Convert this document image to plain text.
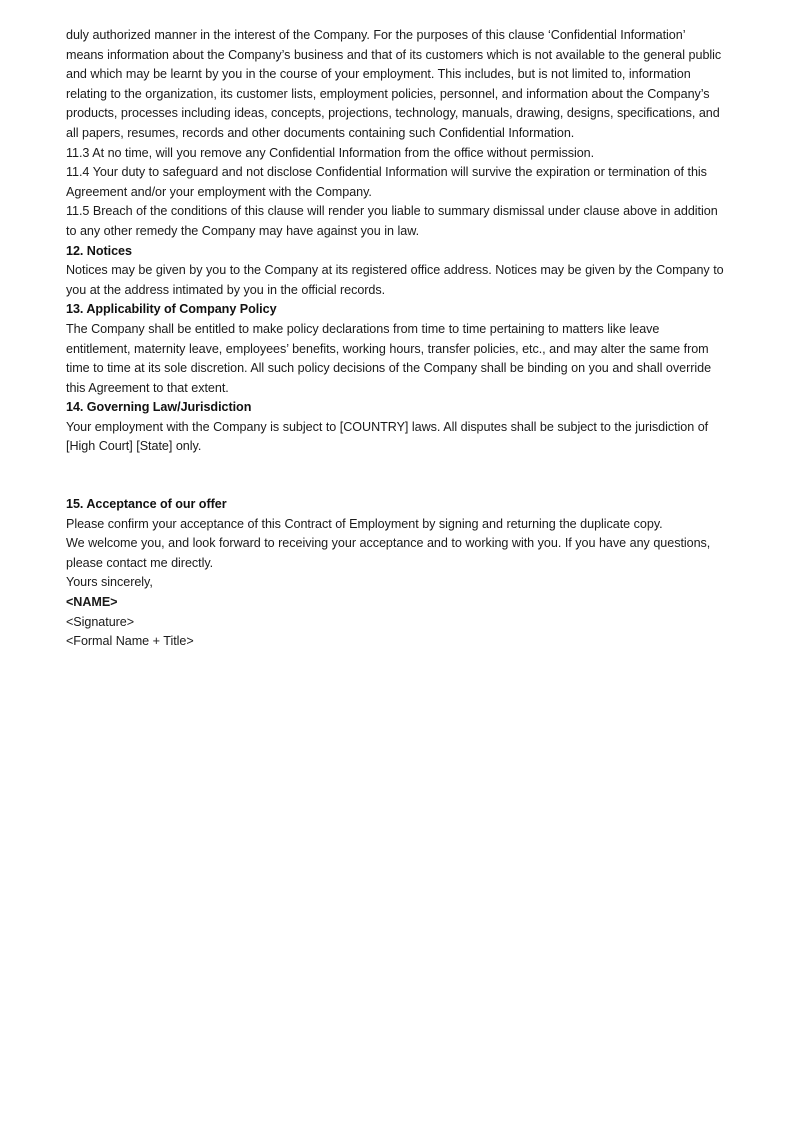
duly authorized manner in the interest of the Company. For the purposes of this clause ‘Confidential Information’ means information about the Company’s business and that of its customers which is not available to the general public and which may be learnt by you in the course of your employment. This includes, but is not limited to, information relating to the organization, its customer lists, employment policies, personnel, and information about the Company’s products, processes including ideas, concepts, projections, technology, manuals, drawing, designs, specifications, and all papers, resumes, records and other documents containing such Confidential Information.

11.3 At no time, will you remove any Confidential Information from the office without permission.

11.4 Your duty to safeguard and not disclose Confidential Information will survive the expiration or termination of this Agreement and/or your employment with the Company.

11.5 Breach of the conditions of this clause will render you liable to summary dismissal under clause above in addition to any other remedy the Company may have against you in law.

12. Notices

Notices may be given by you to the Company at its registered office address. Notices may be given by the Company to you at the address intimated by you in the official records.

13. Applicability of Company Policy

The Company shall be entitled to make policy declarations from time to time pertaining to matters like leave entitlement, maternity leave, employees’ benefits, working hours, transfer policies, etc., and may alter the same from time to time at its sole discretion. All such policy decisions of the Company shall be binding on you and shall override this Agreement to that extent.

14. Governing Law/Jurisdiction

Your employment with the Company is subject to [COUNTRY] laws. All disputes shall be subject to the jurisdiction of [High Court] [State] only.

15. Acceptance of our offer

Please confirm your acceptance of this Contract of Employment by signing and returning the duplicate copy.

We welcome you, and look forward to receiving your acceptance and to working with you. If you have any questions, please contact me directly.

Yours sincerely,

<NAME>

<Signature>

<Formal Name + Title>
